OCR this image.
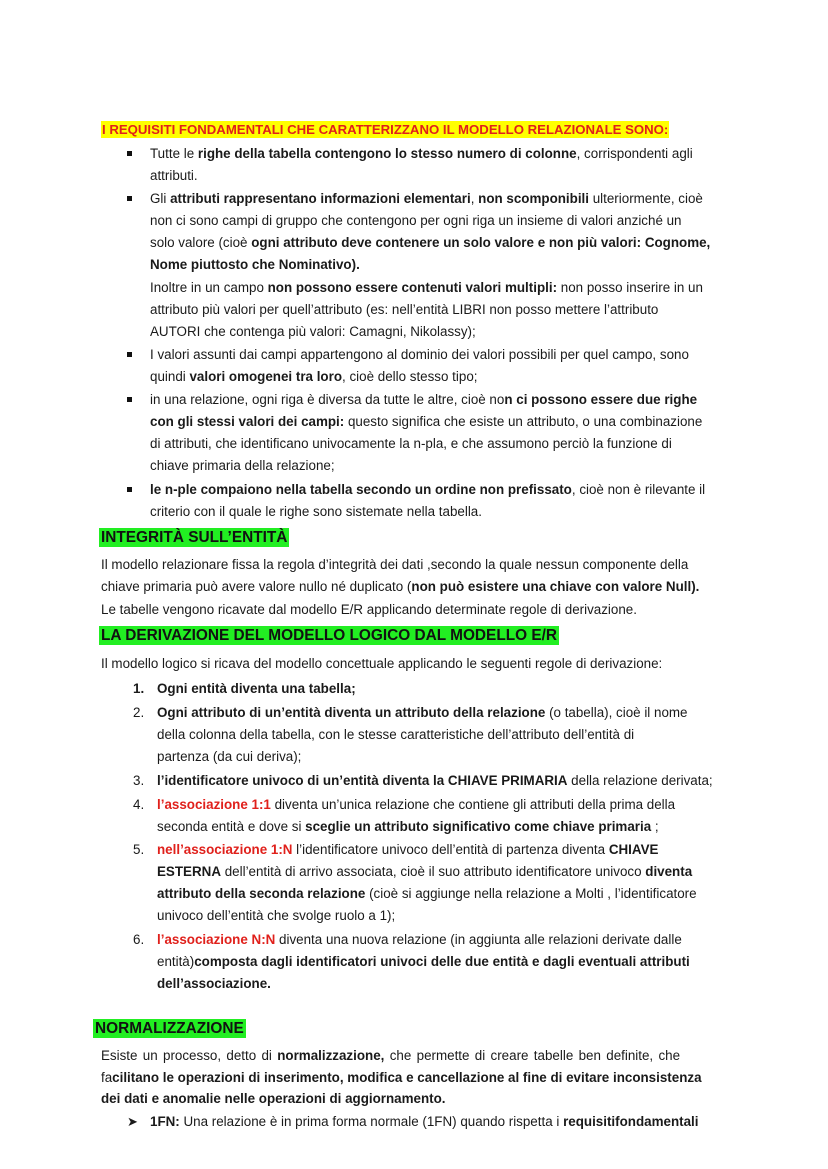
I REQUISITI FONDAMENTALI CHE CARATTERIZZANO IL MODELLO RELAZIONALE SONO:
Tutte le righe della tabella contengono lo stesso numero di colonne, corrispondenti agli
attributi.
Gli attributi rappresentano informazioni elementari, non scomponibili ulteriormente, cioè
non ci sono campi di gruppo che contengono per ogni riga un insieme di valori anziché un
solo valore (cioè ogni attributo deve contenere un solo valore e non più valori: Cognome,
Nome piuttosto che Nominativo).
Inoltre in un campo non possono essere contenuti valori multipli: non posso inserire in un
attributo più valori per quell’attributo (es: nell’entità LIBRI non posso mettere l’attributo
AUTORI che contenga più valori: Camagni, Nikolassy);
I valori assunti dai campi appartengono al dominio dei valori possibili per quel campo, sono
quindi valori omogenei tra loro, cioè dello stesso tipo;
in una relazione, ogni riga è diversa da tutte le altre, cioè non ci possono essere due righe
con gli stessi valori dei campi: questo significa che esiste un attributo, o una combinazione
di attributi, che identificano univocamente la n-pla, e che assumono perciò la funzione di
chiave primaria della relazione;
le n-ple compaiono nella tabella secondo un ordine non prefissato, cioè non è rilevante il
criterio con il quale le righe sono sistemate nella tabella.
INTEGRITÀ SULL’ENTITÀ
Il modello relazionare fissa la regola d’integrità dei dati ,secondo la quale nessun componente della
chiave primaria può avere valore nullo né duplicato (non può esistere una chiave con valore Null).
Le tabelle vengono ricavate dal modello E/R applicando determinate regole di derivazione.
LA DERIVAZIONE DEL MODELLO LOGICO DAL MODELLO E/R
Il modello logico si ricava del modello concettuale applicando le seguenti regole di derivazione:
1. Ogni entità diventa una tabella;
2. Ogni attributo di un’entità diventa un attributo della relazione (o tabella), cioè il nome
della colonna della tabella, con le stesse caratteristiche dell’attributo dell’entità di
partenza (da cui deriva);
3. l’identificatore univoco di un’entità diventa la CHIAVE PRIMARIA della relazione derivata;
4. l’associazione 1:1 diventa un’unica relazione che contiene gli attributi della prima della
seconda entità e dove si sceglie un attributo significativo come chiave primaria ;
5. nell’associazione 1:N l’identificatore univoco dell’entità di partenza diventa CHIAVE
ESTERNA dell’entità di arrivo associata, cioè il suo attributo identificatore univoco diventa
attributo della seconda relazione (cioè si aggiunge nella relazione a Molti , l’identificatore
univoco dell’entità che svolge ruolo a 1);
6. l’associazione N:N diventa una nuova relazione (in aggiunta alle relazioni derivate dalle
entità)composta dagli identificatori univoci delle due entità e dagli eventuali attributi
dell’associazione.
NORMALIZZAZIONE
Esiste un processo, detto di normalizzazione, che permette di creare tabelle ben definite, che
facilitano le operazioni di inserimento, modifica e cancellazione al fine di evitare inconsistenza
dei dati e anomalie nelle operazioni di aggiornamento.
➤ 1FN: Una relazione è in prima forma normale (1FN) quando rispetta i requisitifondamentali
